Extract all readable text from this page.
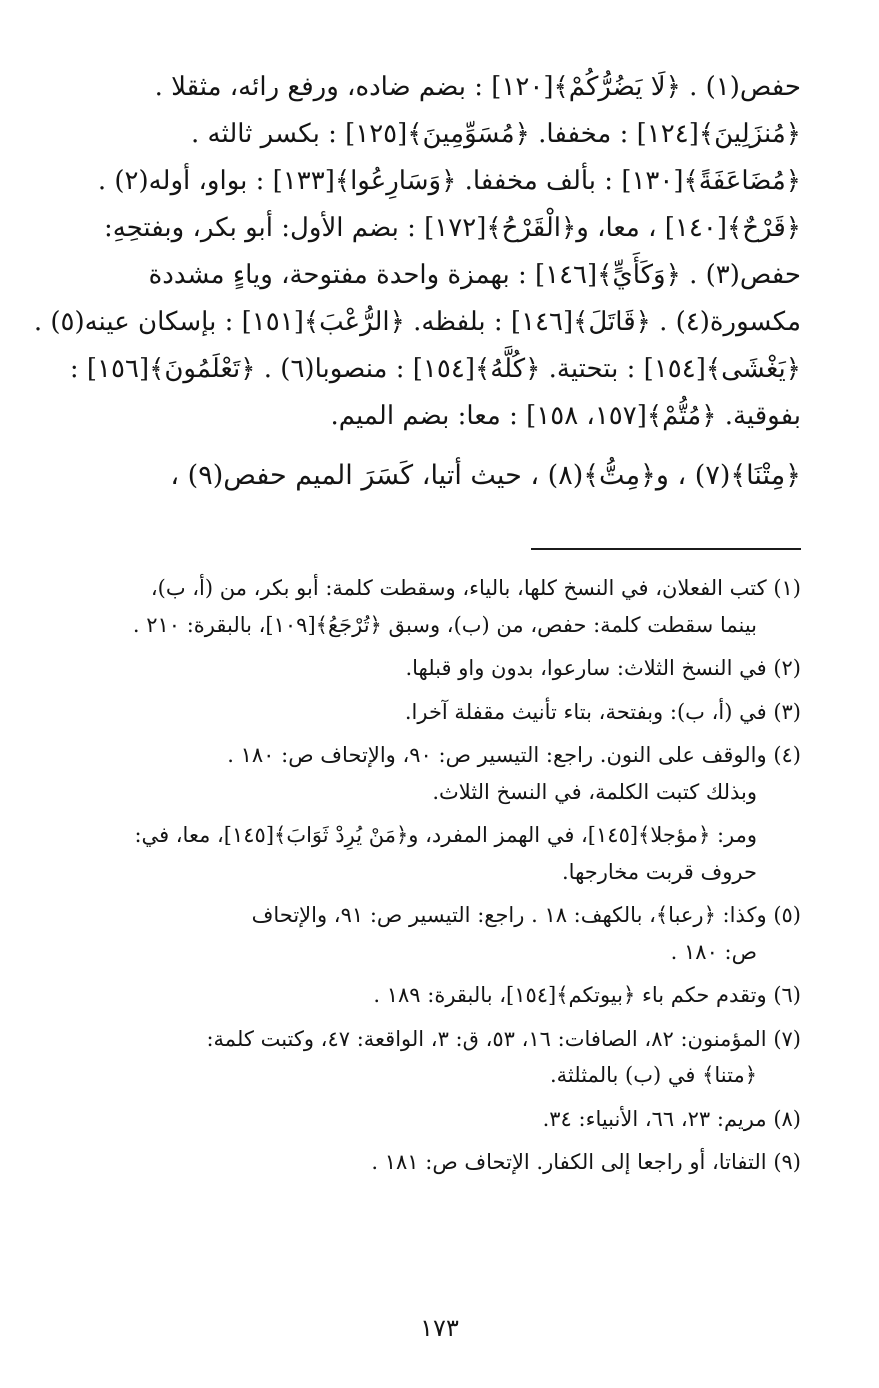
حفص(١) . ﴿لَا يَضُرُّكُمْ﴾[١٢٠] : بضم ضاده، ورفع رائه، مثقلا .
﴿مُنزَلِينَ﴾[١٢٤] : مخففا. ﴿مُسَوِّمِينَ﴾[١٢٥] : بكسر ثالثه .
﴿مُضَاعَفَةً﴾[١٣٠] : بألف مخففا. ﴿وَسَارِعُوا﴾[١٣٣] : بواو، أوله(٢) .
﴿قَرْحٌ﴾[١٤٠] ، معا، و﴿الْقَرْحُ﴾[١٧٢] : بضم الأول: أبو بكر، وبفتحِهِ:
حفص(٣) . ﴿وَكَأَيٍّ﴾[١٤٦] : بهمزة واحدة مفتوحة، وياءٍ مشددة
مكسورة(٤) . ﴿قَاتَلَ﴾[١٤٦] : بلفظه. ﴿الرُّعْبَ﴾[١٥١] : بإسكان عينه(٥) .
﴿يَغْشَى﴾[١٥٤] : بتحتية. ﴿كُلَّهُ﴾[١٥٤] : منصوبا(٦) . ﴿تَعْلَمُونَ﴾[١٥٦] :
بفوقية. ﴿مُتُّمْ﴾[١٥٧، ١٥٨] : معا: بضم الميم.
﴿مِتْنَا﴾(٧) ، و﴿مِتُّ﴾(٨) ، حيث أتيا، كَسَرَ الميم حفص(٩) ،
(١) كتب الفعلان، في النسخ كلها، بالياء، وسقطت كلمة: أبو بكر، من (أ، ب)،
بينما سقطت كلمة: حفص، من (ب)، وسبق ﴿تُرْجَعُ﴾[١٠٩]، بالبقرة: ٢١٠ .
(٢) في النسخ الثلاث: سارعوا، بدون واو قبلها.
(٣) في (أ، ب): وبفتحة، بتاء تأنيث مقفلة آخرا.
(٤) والوقف على النون. راجع: التيسير ص: ٩٠، والإتحاف ص: ١٨٠ .
وبذلك كتبت الكلمة، في النسخ الثلاث.
ومر: ﴿مؤجلا﴾[١٤٥]، في الهمز المفرد، و﴿مَنْ يُرِدْ ثَوَابَ﴾[١٤٥]، معا، في:
حروف قربت مخارجها.
(٥) وكذا: ﴿رعبا﴾، بالكهف: ١٨ . راجع: التيسير ص: ٩١، والإتحاف
ص: ١٨٠ .
(٦) وتقدم حكم باء ﴿بيوتكم﴾[١٥٤]، بالبقرة: ١٨٩ .
(٧) المؤمنون: ٨٢، الصافات: ١٦، ٥٣، ق: ٣، الواقعة: ٤٧، وكتبت كلمة:
﴿متنا﴾ في (ب) بالمثلثة.
(٨) مريم: ٢٣، ٦٦، الأنبياء: ٣٤.
(٩) التفاتا، أو راجعا إلى الكفار. الإتحاف ص: ١٨١ .
١٧٣
